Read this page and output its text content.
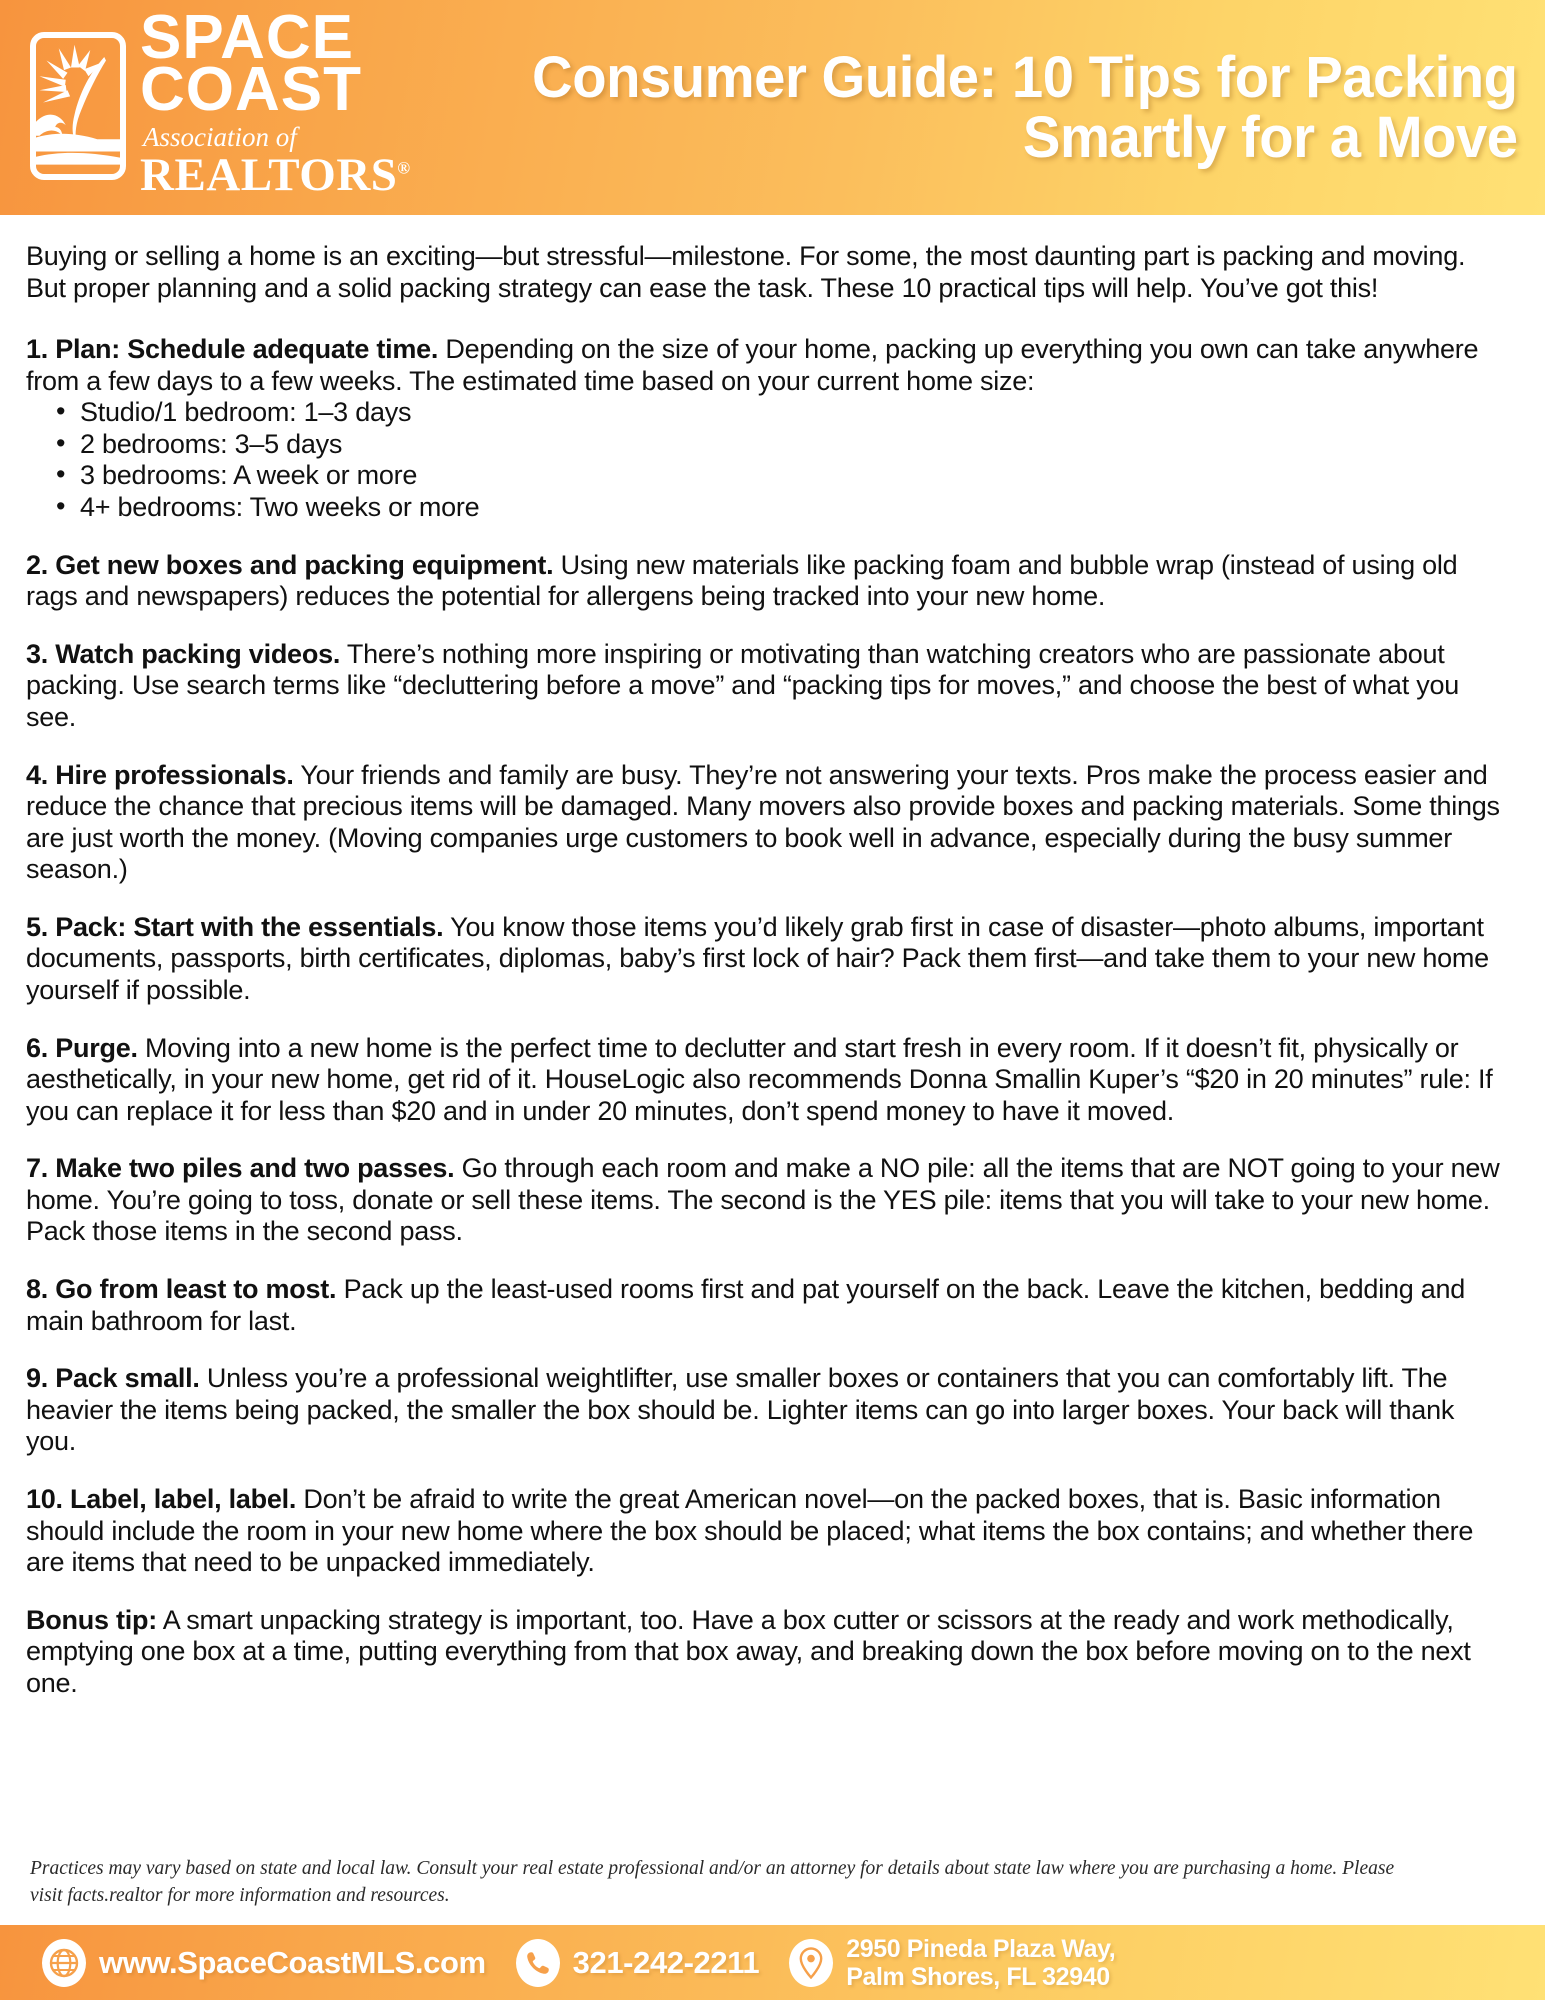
SPACE
COAST
Association of
REALTORS®
Consumer Guide: 10 Tips for Packing Smartly for a Move

Buying or selling a home is an exciting—but stressful—milestone. For some, the most daunting part is packing and moving. But proper planning and a solid packing strategy can ease the task. These 10 practical tips will help. You’ve got this!

1. Plan: Schedule adequate time. Depending on the size of your home, packing up everything you own can take anywhere from a few days to a few weeks. The estimated time based on your current home size:

• Studio/1 bedroom: 1–3 days
• 2 bedrooms: 3–5 days
• 3 bedrooms: A week or more
• 4+ bedrooms: Two weeks or more

2. Get new boxes and packing equipment. Using new materials like packing foam and bubble wrap (instead of using old rags and newspapers) reduces the potential for allergens being tracked into your new home.

3. Watch packing videos. There’s nothing more inspiring or motivating than watching creators who are passionate about packing. Use search terms like “decluttering before a move” and “packing tips for moves,” and choose the best of what you see.

4. Hire professionals. Your friends and family are busy. They’re not answering your texts. Pros make the process easier and reduce the chance that precious items will be damaged. Many movers also provide boxes and packing materials. Some things are just worth the money. (Moving companies urge customers to book well in advance, especially during the busy summer season.)

5. Pack: Start with the essentials. You know those items you’d likely grab first in case of disaster—photo albums, important documents, passports, birth certificates, diplomas, baby’s first lock of hair? Pack them first—and take them to your new home yourself if possible.

6. Purge. Moving into a new home is the perfect time to declutter and start fresh in every room. If it doesn’t fit, physically or aesthetically, in your new home, get rid of it. HouseLogic also recommends Donna Smallin Kuper’s “$20 in 20 minutes” rule: If you can replace it for less than $20 and in under 20 minutes, don’t spend money to have it moved.

7. Make two piles and two passes. Go through each room and make a NO pile: all the items that are NOT going to your new home. You’re going to toss, donate or sell these items. The second is the YES pile: items that you will take to your new home. Pack those items in the second pass.

8. Go from least to most. Pack up the least-used rooms first and pat yourself on the back. Leave the kitchen, bedding and main bathroom for last.

9. Pack small. Unless you’re a professional weightlifter, use smaller boxes or containers that you can comfortably lift. The heavier the items being packed, the smaller the box should be. Lighter items can go into larger boxes. Your back will thank you.

10. Label, label, label. Don’t be afraid to write the great American novel—on the packed boxes, that is. Basic information should include the room in your new home where the box should be placed; what items the box contains; and whether there are items that need to be unpacked immediately.

Bonus tip: A smart unpacking strategy is important, too. Have a box cutter or scissors at the ready and work methodically, emptying one box at a time, putting everything from that box away, and breaking down the box before moving on to the next one.

Practices may vary based on state and local law. Consult your real estate professional and/or an attorney for details about state law where you are purchasing a home. Please visit facts.realtor for more information and resources.

www.SpaceCoastMLS.com	321-242-2211	2950 Pineda Plaza Way,
Palm Shores, FL 32940
